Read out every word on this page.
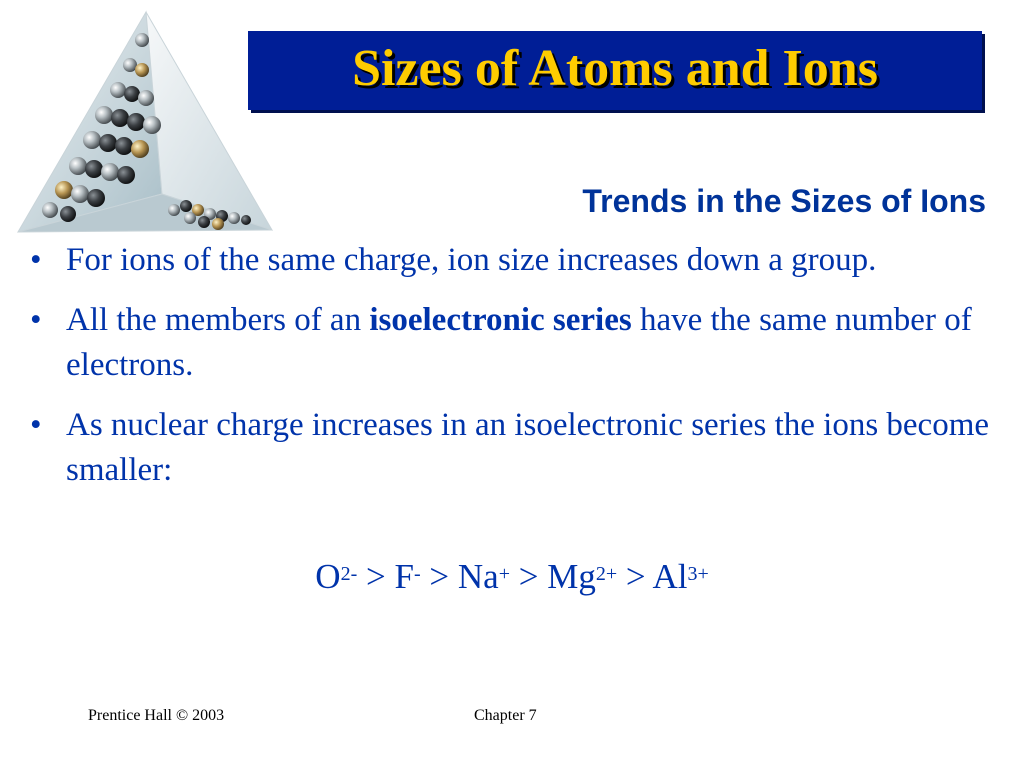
Sizes of Atoms and Ions
Trends in the Sizes of Ions
• For ions of the same charge, ion size increases down a group.
• All the members of an isoelectronic series have the same number of electrons.
• As nuclear charge increases in an isoelectronic series the ions become smaller:
$O^{2-} > F^- > Na^+ > Mg^{2+} > Al^{3+}$
Prentice Hall © 2003	Chapter 7
